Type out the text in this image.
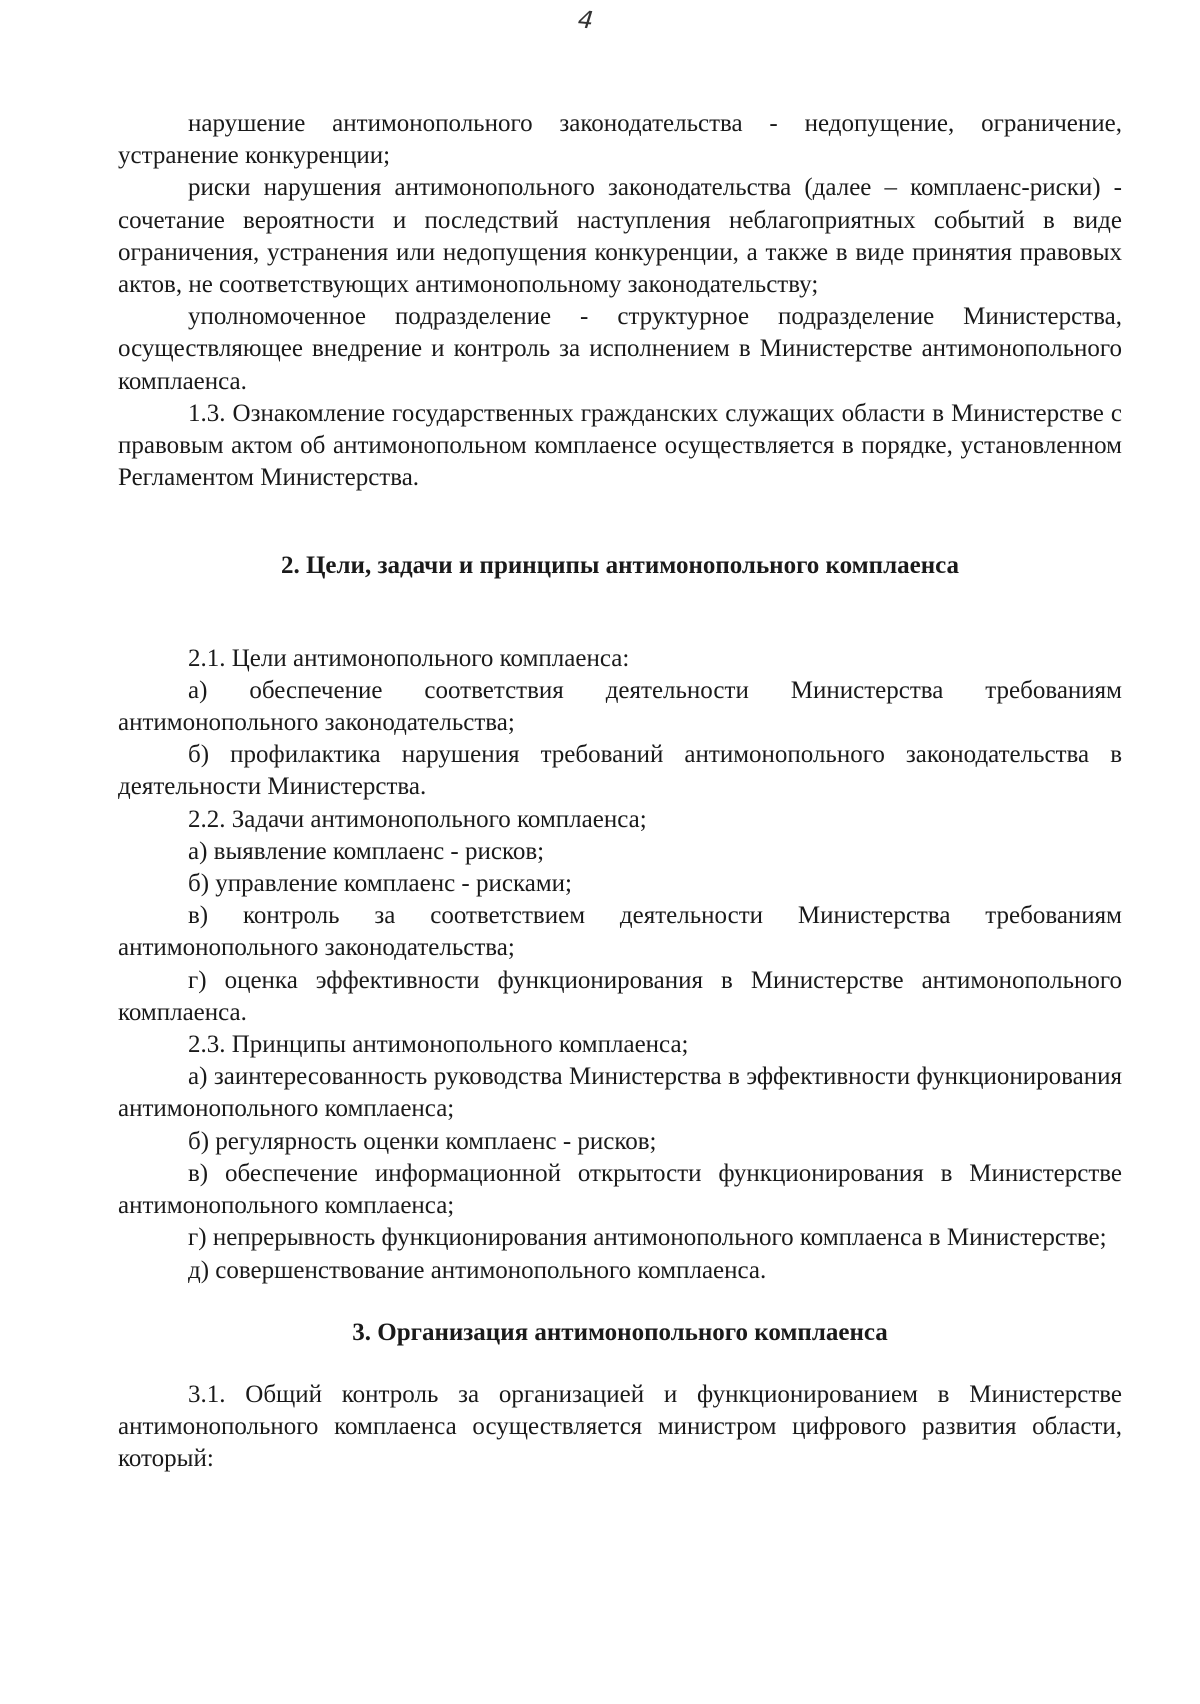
4

нарушение антимонопольного законодательства - недопущение, ограничение, устранение конкуренции;

риски нарушения антимонопольного законодательства (далее – комплаенс-риски) - сочетание вероятности и последствий наступления неблагоприятных событий в виде ограничения, устранения или недопущения конкуренции, а также в виде принятия правовых актов, не соответствующих антимонопольному законодательству;

уполномоченное подразделение - структурное подразделение Министерства, осуществляющее внедрение и контроль за исполнением в Министерстве антимонопольного комплаенса.

1.3. Ознакомление государственных гражданских служащих области в Министерстве с правовым актом об антимонопольном комплаенсе осуществляется в порядке, установленном Регламентом Министерства.

2. Цели, задачи и принципы антимонопольного комплаенса

2.1. Цели антимонопольного комплаенса:

а) обеспечение соответствия деятельности Министерства требованиям антимонопольного законодательства;

б) профилактика нарушения требований антимонопольного законодательства в деятельности Министерства.

2.2. Задачи антимонопольного комплаенса;

а) выявление комплаенс - рисков;

б) управление комплаенс - рисками;

в) контроль за соответствием деятельности Министерства требованиям антимонопольного законодательства;

г) оценка эффективности функционирования в Министерстве антимонопольного комплаенса.

2.3. Принципы антимонопольного комплаенса;

а) заинтересованность руководства Министерства в эффективности функционирования антимонопольного комплаенса;

б) регулярность оценки комплаенс - рисков;

в) обеспечение информационной открытости функционирования в Министерстве антимонопольного комплаенса;

г) непрерывность функционирования антимонопольного комплаенса в Министерстве;

д) совершенствование антимонопольного комплаенса.

3. Организация антимонопольного комплаенса

3.1. Общий контроль за организацией и функционированием в Министерстве антимонопольного комплаенса осуществляется министром цифрового развития области, который:
